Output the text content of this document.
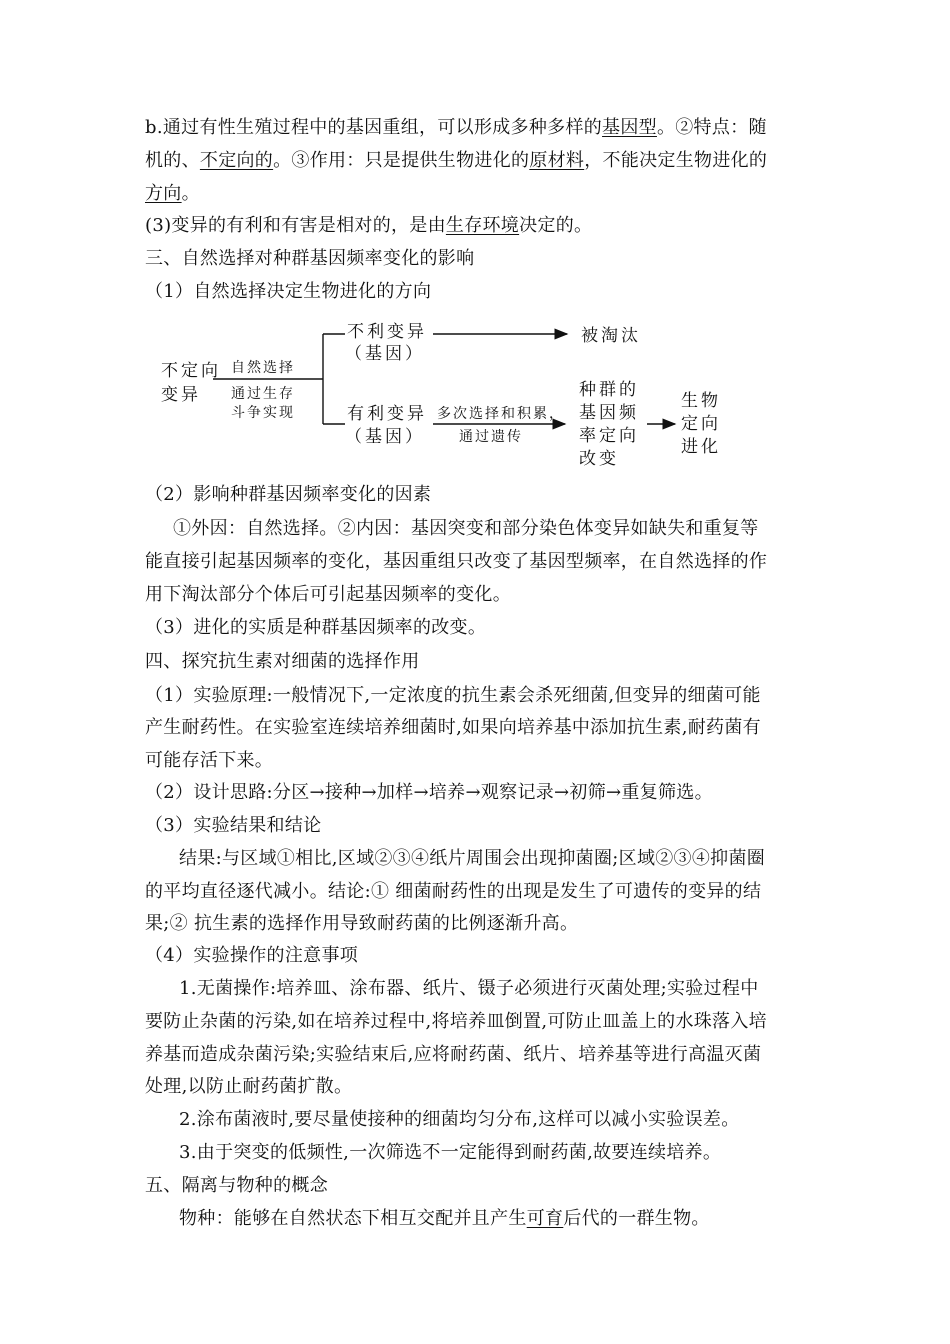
b.通过有性生殖过程中的基因重组，可以形成多种多样的基因型。②特点：随
机的、不定向的。③作用：只是提供生物进化的原材料，不能决定生物进化的
方向。
(3)变异的有利和有害是相对的，是由生存环境决定的。
三、自然选择对种群基因频率变化的影响
（1）自然选择决定生物进化的方向
不定向
变异
自然选择
通过生存
斗争实现
不利变异
（基因）
被淘汰
有利变异
（基因）
多次选择和积累，
通过遗传
种群的
基因频
率定向
改变
生物
定向
进化
（2）影响种群基因频率变化的因素
①外因：自然选择。②内因：基因突变和部分染色体变异如缺失和重复等
能直接引起基因频率的变化，基因重组只改变了基因型频率，在自然选择的作
用下淘汰部分个体后可引起基因频率的变化。
（3）进化的实质是种群基因频率的改变。
四、探究抗生素对细菌的选择作用
（1）实验原理:一般情况下,一定浓度的抗生素会杀死细菌,但变异的细菌可能
产生耐药性。在实验室连续培养细菌时,如果向培养基中添加抗生素,耐药菌有
可能存活下来。
（2）设计思路:分区→接种→加样→培养→观察记录→初筛→重复筛选。
（3）实验结果和结论
结果:与区域①相比,区域②③④纸片周围会出现抑菌圈;区域②③④抑菌圈
的平均直径逐代减小。结论:① 细菌耐药性的出现是发生了可遗传的变异的结
果;② 抗生素的选择作用导致耐药菌的比例逐渐升高。
（4）实验操作的注意事项
1.无菌操作:培养皿、涂布器、纸片、镊子必须进行灭菌处理;实验过程中
要防止杂菌的污染,如在培养过程中,将培养皿倒置,可防止皿盖上的水珠落入培
养基而造成杂菌污染;实验结束后,应将耐药菌、纸片、培养基等进行高温灭菌
处理,以防止耐药菌扩散。
2.涂布菌液时,要尽量使接种的细菌均匀分布,这样可以减小实验误差。
3.由于突变的低频性,一次筛选不一定能得到耐药菌,故要连续培养。
五、隔离与物种的概念
物种：能够在自然状态下相互交配并且产生可育后代的一群生物。
